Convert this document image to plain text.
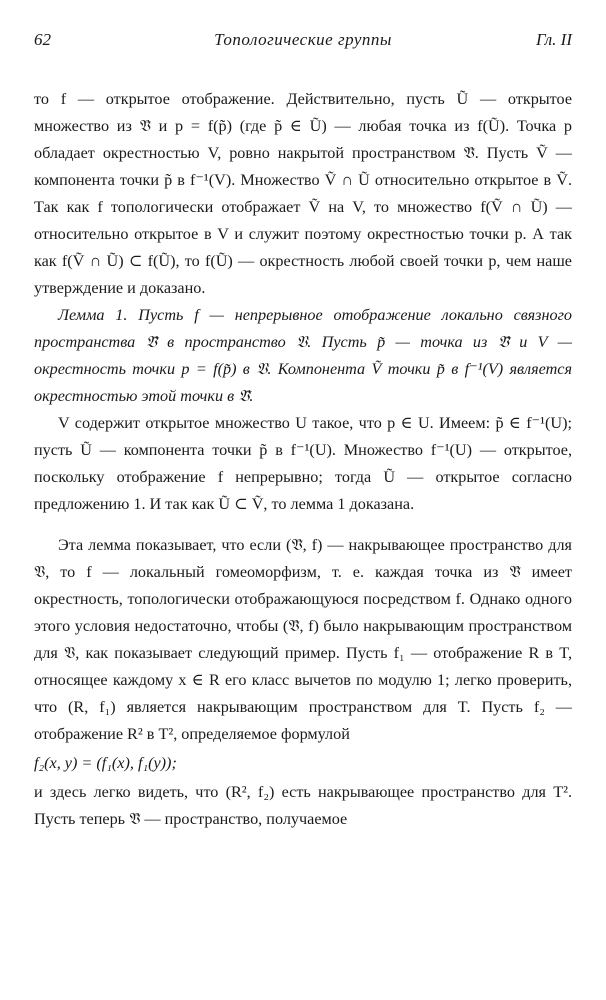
62	Топологические группы	Гл. II

то f — открытое отображение. Действительно, пусть Ũ — открытое множество из 𝔙̃ и p = f(p̃) (где p̃ ∈ Ũ) — любая точка из f(Ũ). Точка p обладает окрестностью V, ровно накрытой пространством 𝔙̃. Пусть Ṽ — компонента точки p̃ в f⁻¹(V). Множество Ṽ ∩ Ũ относительно открытое в Ṽ. Так как f топологически отображает Ṽ на V, то множество f(Ṽ ∩ Ũ) — относительно открытое в V и служит поэтому окрестностью точки p. А так как f(Ṽ ∩ Ũ) ⊂ f(Ũ), то f(Ũ) — окрестность любой своей точки p, чем наше утверждение и доказано.

Лемма 1. Пусть f — непрерывное отображение локально связного пространства 𝔙̃ в пространство 𝔙. Пусть p̃ — точка из 𝔙̃ и V — окрестность точки p = f(p̃) в 𝔙. Компонента Ṽ точки p̃ в f⁻¹(V) является окрестностью этой точки в 𝔙̃.

V содержит открытое множество U такое, что p ∈ U. Имеем: p̃ ∈ f⁻¹(U); пусть Ũ — компонента точки p̃ в f⁻¹(U). Множество f⁻¹(U) — открытое, поскольку отображение f непрерывно; тогда Ũ — открытое согласно предложению 1. И так как Ũ ⊂ Ṽ, то лемма 1 доказана.

Эта лемма показывает, что если (𝔙̃, f) — накрывающее пространство для 𝔙, то f — локальный гомеоморфизм, т. е. каждая точка из 𝔙̃ имеет окрестность, топологически отображающуюся посредством f. Однако одного этого условия недостаточно, чтобы (𝔙̃, f) было накрывающим пространством для 𝔙, как показывает следующий пример. Пусть f₁ — отображение R в T, относящее каждому x ∈ R его класс вычетов по модулю 1; легко проверить, что (R, f₁) является накрывающим пространством для T. Пусть f₂ — отображение R² в T², определяемое формулой

f₂(x, y) = (f₁(x), f₁(y));

и здесь легко видеть, что (R², f₂) есть накрывающее пространство для T². Пусть теперь 𝔙̃ — пространство, получаемое
